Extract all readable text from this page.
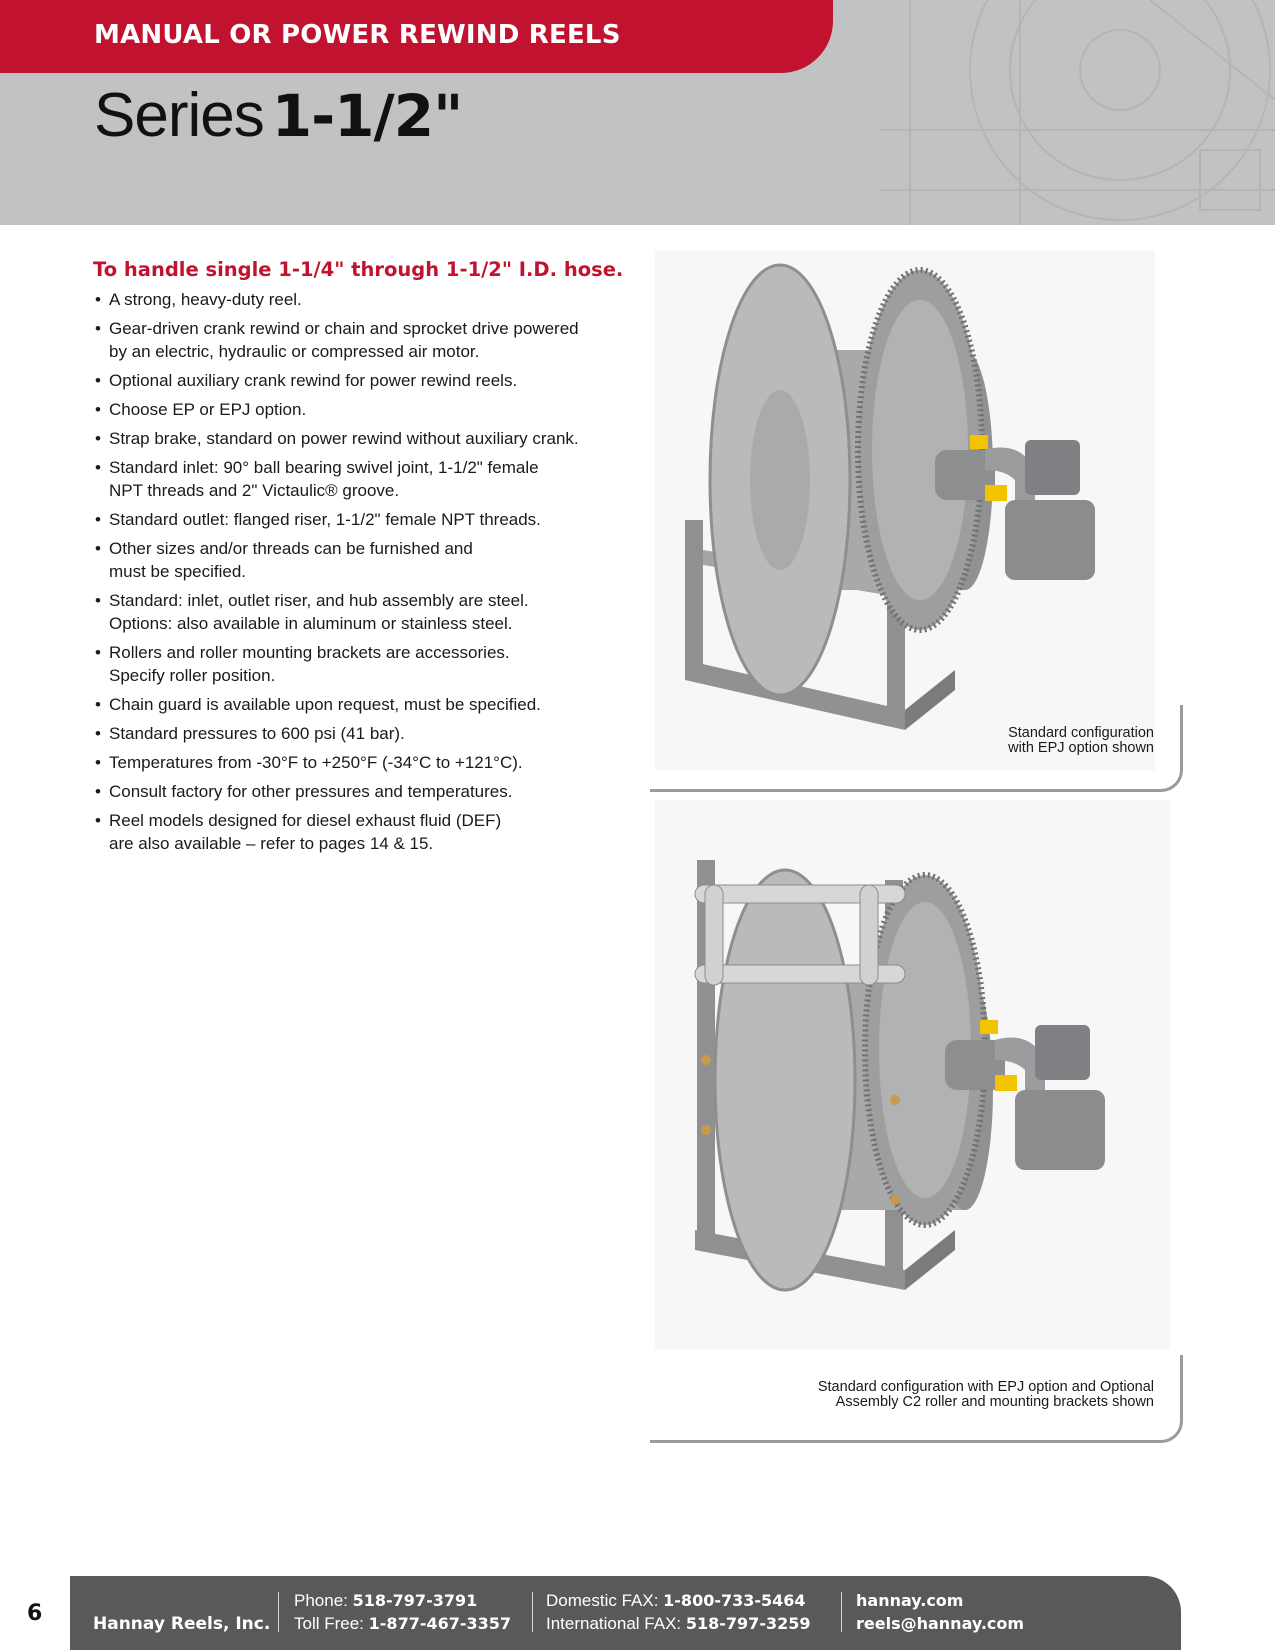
MANUAL OR POWER REWIND REELS
Series 1-1/2"
To handle single 1-1/4" through 1-1/2" I.D. hose.
• A strong, heavy-duty reel.
• Gear-driven crank rewind or chain and sprocket drive powered
by an electric, hydraulic or compressed air motor.
• Optional auxiliary crank rewind for power rewind reels.
• Choose EP or EPJ option.
• Strap brake, standard on power rewind without auxiliary crank.
• Standard inlet: 90° ball bearing swivel joint, 1-1/2" female
NPT threads and 2" Victaulic® groove.
• Standard outlet: flanged riser, 1-1/2" female NPT threads.
• Other sizes and/or threads can be furnished and
must be specified.
• Standard: inlet, outlet riser, and hub assembly are steel.
Options: also available in aluminum or stainless steel.
• Rollers and roller mounting brackets are accessories.
Specify roller position.
• Chain guard is available upon request, must be specified.
• Standard pressures to 600 psi (41 bar).
• Temperatures from -30°F to +250°F (-34°C to +121°C).
• Consult factory for other pressures and temperatures.
• Reel models designed for diesel exhaust fluid (DEF)
are also available – refer to pages 14 & 15.
Standard configuration
with EPJ option shown
Standard configuration with EPJ option and Optional
Assembly C2 roller and mounting brackets shown
6	Hannay Reels, Inc.
Phone: 518-797-3791
Toll Free: 1-877-467-3357
Domestic FAX: 1-800-733-5464
International FAX: 518-797-3259
hannay.com
reels@hannay.com
